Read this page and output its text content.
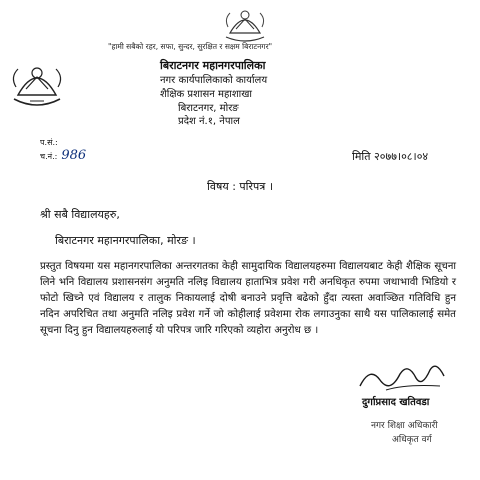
"हामी सबैको रहर, सफा, सुन्दर, सुरक्षित र सक्षम बिराटनगर"
बिराटनगर महानगरपालिका
नगर कार्यपालिकाको कार्यालय
शैक्षिक प्रशासन महाशाखा
बिराटनगर, मोरङ
प्रदेश नं.१, नेपाल
प.सं.:
च.नं.: 986	मिति २०७७।०८।०४
विषय : परिपत्र ।
श्री सबै विद्यालयहरु,
बिराटनगर महानगरपालिका, मोरङ ।
प्रस्तुत विषयमा यस महानगरपालिका अन्तरगतका केही सामुदायिक विद्यालयहरुमा विद्यालयबाट केही शैक्षिक सूचना लिने भनि विद्यालय प्रशासनसंग अनुमति नलिइ विद्यालय हाताभित्र प्रवेश गरी अनधिकृत रुपमा जथाभावी भिडियो र फोटो खिच्ने एवं विद्यालय र तालुक निकायलाई दोषी बनाउने प्रवृत्ति बढेको हुँदा त्यस्ता अवाञ्छित गतिविधि हुन नदिन अपरिचित तथा अनुमति नलिइ प्रवेश गर्ने जो कोहीलाई प्रवेशमा रोक लगाउनुका साथै यस पालिकालाई समेत सूचना दिनु हुन विद्यालयहरुलाई यो परिपत्र जारि गरिएको व्यहोरा अनुरोध छ ।
दुर्गाप्रसाद खतिवडा
नगर शिक्षा अधिकारी
अधिकृत वर्ग
